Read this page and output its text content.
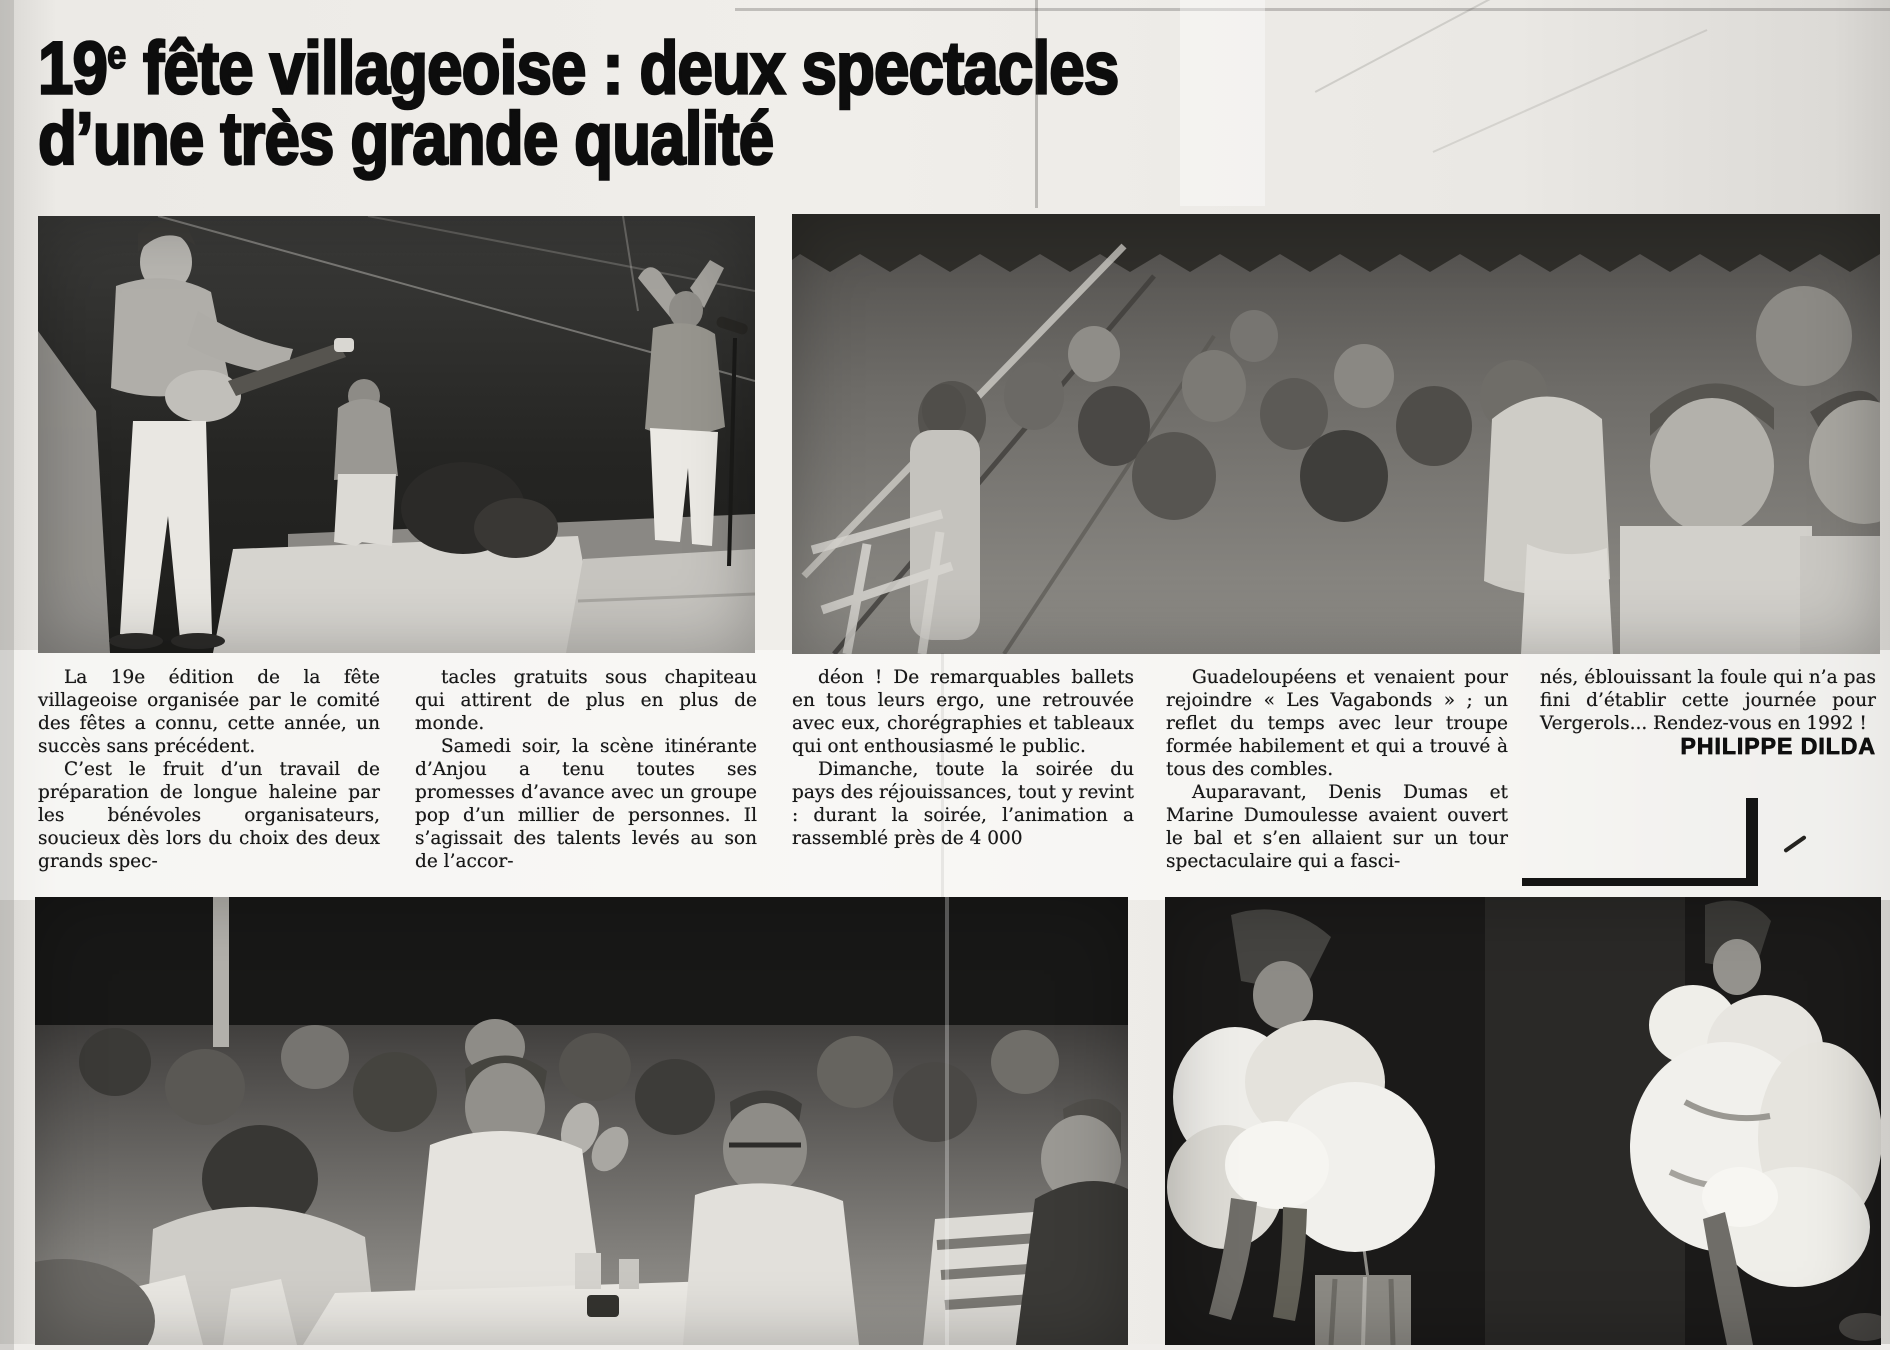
19e fête villageoise : deux spectacles
d’une très grande qualité

La 19e édition de la fête villageoise organisée par le comité des fêtes a connu, cette année, un succès sans précédent.

C’est le fruit d’un travail de préparation de longue haleine par les bénévoles organisateurs, soucieux dès lors du choix des deux grands spec-

tacles gratuits sous chapiteau qui attirent de plus en plus de monde.

Samedi soir, la scène itinérante d’Anjou a tenu toutes ses promesses d’avance avec un groupe pop d’un millier de personnes. Il s’agissait des talents levés au son de l’accor-

déon ! De remarquables ballets en tous leurs ergo, une retrouvée avec eux, chorégraphies et tableaux qui ont enthousiasmé le public.

Dimanche, toute la soirée du pays des réjouissances, tout y revint : durant la soirée, l’animation a rassemblé près de 4 000

Guadeloupéens et venaient pour rejoindre « Les Vagabonds » ; un reflet du temps avec leur troupe formée habilement et qui a trouvé à tous des combles.

Auparavant, Denis Dumas et Marine Dumoulesse avaient ouvert le bal et s’en allaient sur un tour spectaculaire qui a fasci-

nés, éblouissant la foule qui n’a pas fini d’établir cette journée pour Vergerols... Rendez-vous en 1992 !

PHILIPPE DILDA
